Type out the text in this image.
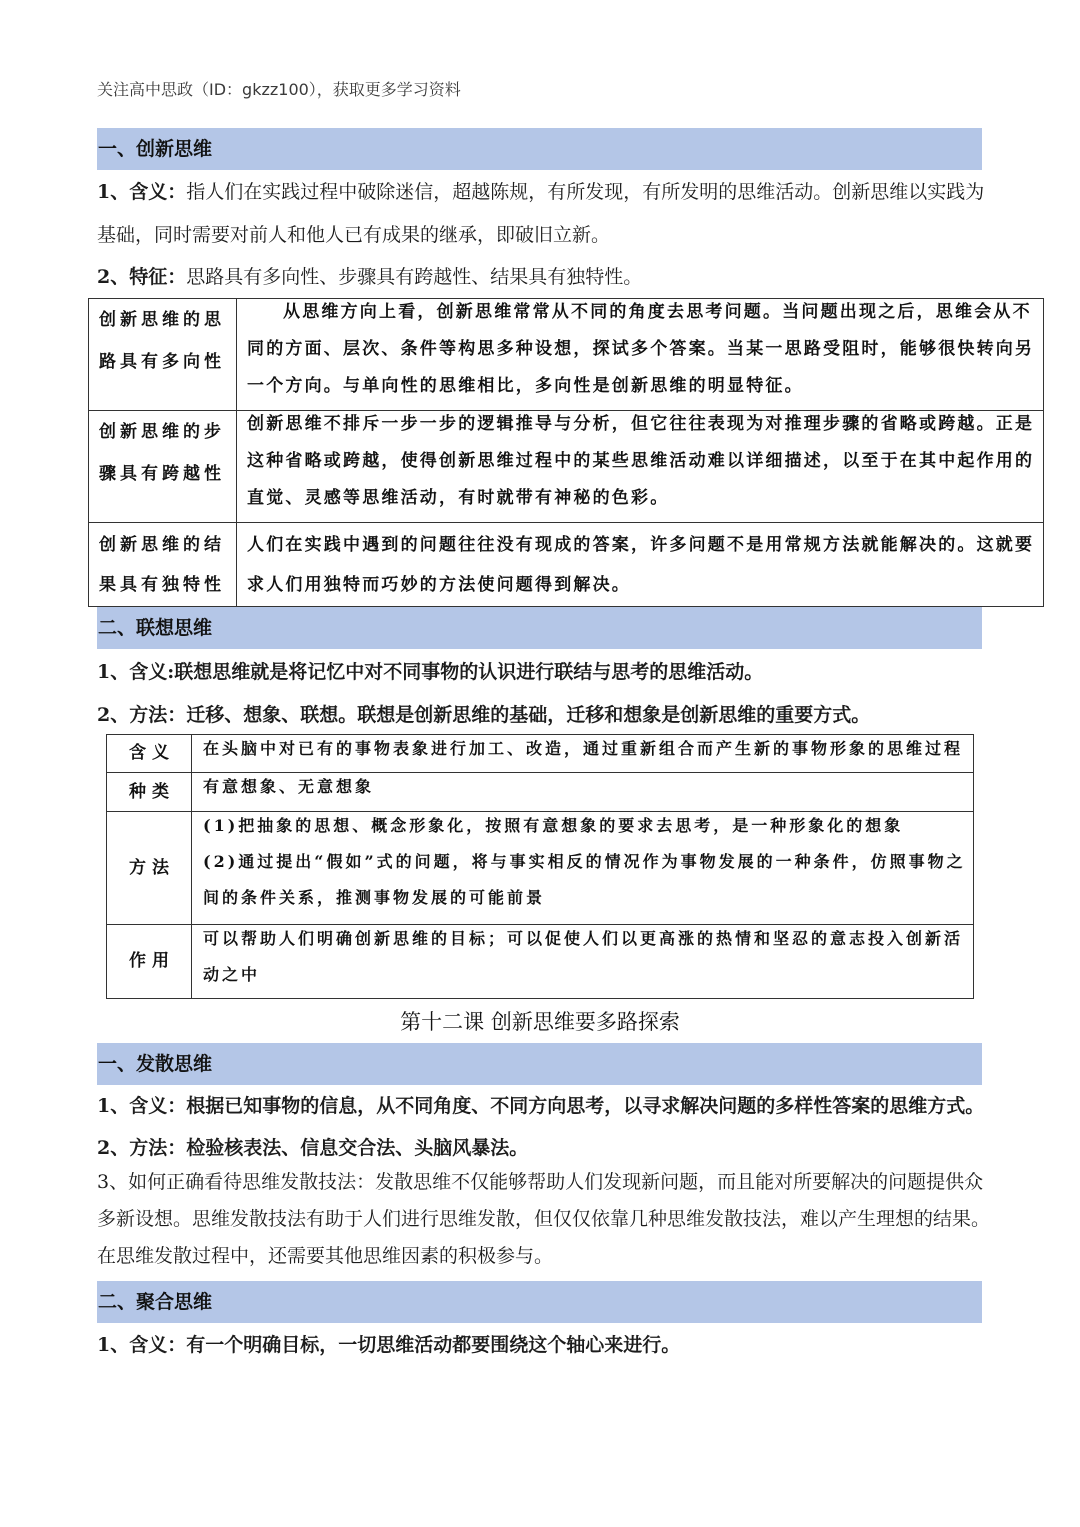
关注高中思政（ID：gkzz100），获取更多学习资料
一、创新思维
1、含义：指人们在实践过程中破除迷信，超越陈规，有所发现，有所发明的思维活动。创新思维以实践为基础，同时需要对前人和他人已有成果的继承，即破旧立新。
2、特征：思路具有多向性、步骤具有跨越性、结果具有独特性。
创新思维的思路具有多向性
从思维方向上看，创新思维常常从不同的角度去思考问题。当问题出现之后，思维会从不同的方面、层次、条件等构思多种设想，探试多个答案。当某一思路受阻时，能够很快转向另一个方向。与单向性的思维相比，多向性是创新思维的明显特征。
创新思维的步骤具有跨越性
创新思维不排斥一步一步的逻辑推导与分析，但它往往表现为对推理步骤的省略或跨越。正是这种省略或跨越，使得创新思维过程中的某些思维活动难以详细描述，以至于在其中起作用的直觉、灵感等思维活动，有时就带有神秘的色彩。
创新思维的结果具有独特性
人们在实践中遇到的问题往往没有现成的答案，许多问题不是用常规方法就能解决的。这就要求人们用独特而巧妙的方法使问题得到解决。
二、联想思维
1、含义:联想思维就是将记忆中对不同事物的认识进行联结与思考的思维活动。
2、方法：迁移、想象、联想。联想是创新思维的基础，迁移和想象是创新思维的重要方式。
含义	在头脑中对已有的事物表象进行加工、改造，通过重新组合而产生新的事物形象的思维过程
种类	有意想象、无意想象
方法
(1)把抽象的思想、概念形象化，按照有意想象的要求去思考，是一种形象化的想象
(2)通过提出“假如”式的问题，将与事实相反的情况作为事物发展的一种条件，仿照事物之间的条件关系，推测事物发展的可能前景
作用
可以帮助人们明确创新思维的目标；可以促使人们以更高涨的热情和坚忍的意志投入创新活动之中
第十二课 创新思维要多路探索
一、发散思维
1、含义：根据已知事物的信息，从不同角度、不同方向思考，以寻求解决问题的多样性答案的思维方式。
2、方法：检验核表法、信息交合法、头脑风暴法。
3、如何正确看待思维发散技法：发散思维不仅能够帮助人们发现新问题，而且能对所要解决的问题提供众多新设想。思维发散技法有助于人们进行思维发散，但仅仅依靠几种思维发散技法，难以产生理想的结果。在思维发散过程中，还需要其他思维因素的积极参与。
二、聚合思维
1、含义：有一个明确目标，一切思维活动都要围绕这个轴心来进行。
